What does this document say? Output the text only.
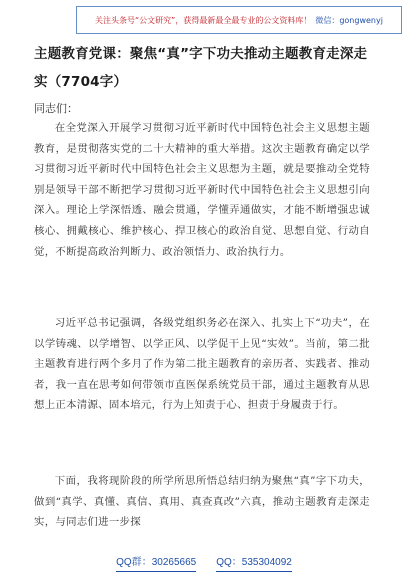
关注头条号“公文研究”，获得最新最全最专业的公文资料库！ 微信：gongwenyj
主题教育党课：聚焦“真”字下功夫推动主题教育走深走实（7704字）
同志们：
在全党深入开展学习贯彻习近平新时代中国特色社会主义思想主题教育，是贯彻落实党的二十大精神的重大举措。这次主题教育确定以学习贯彻习近平新时代中国特色社会主义思想为主题，就是要推动全党特别是领导干部不断把学习贯彻习近平新时代中国特色社会主义思想引向深入。理论上学深悟透、融会贯通，学懂弄通做实，才能不断增强忠诚核心、拥戴核心、维护核心、捍卫核心的政治自觉、思想自觉、行动自觉，不断提高政治判断力、政治领悟力、政治执行力。
习近平总书记强调，各级党组织务必在深入、扎实上下“功夫”，在以学铸魂、以学增智、以学正风、以学促干上见“实效”。当前，第二批主题教育进行两个多月了作为第二批主题教育的亲历者、实践者、推动者，我一直在思考如何带领市直医保系统党员干部，通过主题教育从思想上正本清源、固本培元，行为上知责于心、担责于身履责于行。
下面，我将现阶段的所学所思所悟总结归纳为聚焦“真”字下功夫，做到“真学、真懂、真信、真用、真查真改”六真，推动主题教育走深走实，与同志们进一步探
QQ群：30265665 QQ：535304092
